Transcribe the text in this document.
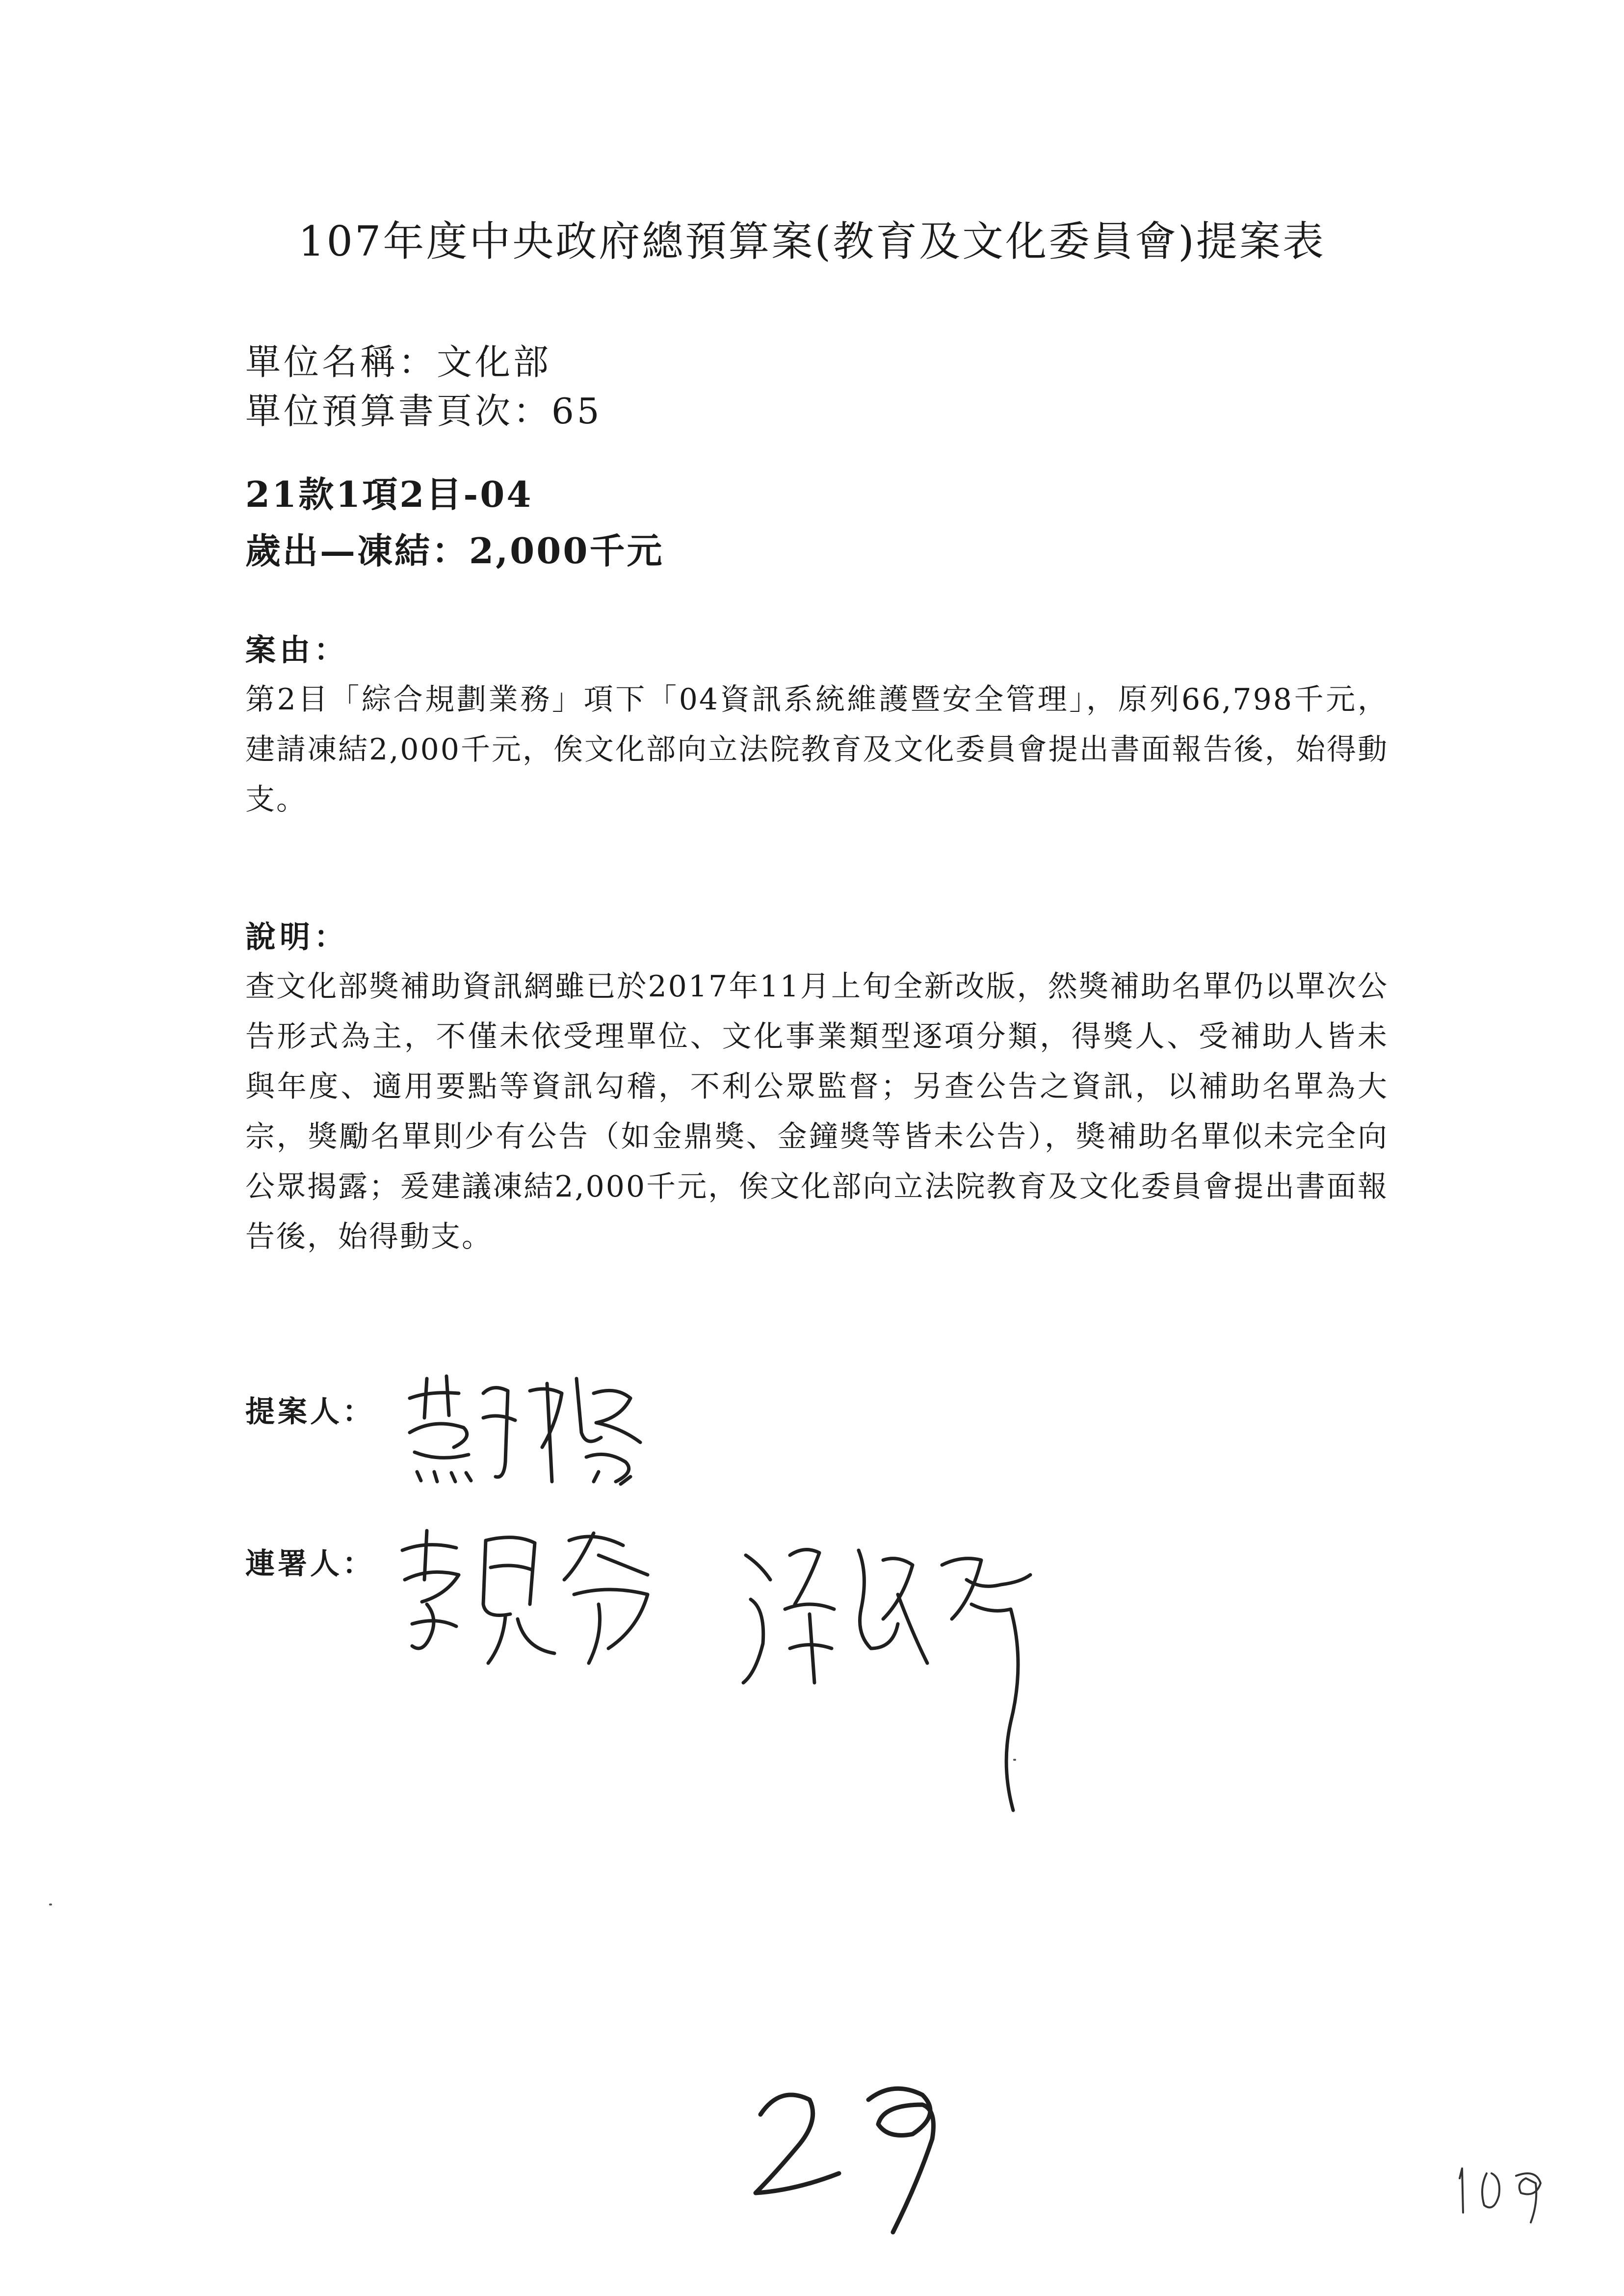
107年度中央政府總預算案(教育及文化委員會)提案表
單位名稱：文化部
單位預算書頁次：65
21款1項2目-04
歲出—凍結：2,000千元
案由：

第2目「綜合規劃業務」項下「04資訊系統維護暨安全管理」，原列66,798千元，建請凍結2,000千元，俟文化部向立法院教育及文化委員會提出書面報告後，始得動支。

說明：

查文化部獎補助資訊網雖已於2017年11月上旬全新改版，然獎補助名單仍以單次公告形式為主，不僅未依受理單位、文化事業類型逐項分類，得獎人、受補助人皆未與年度、適用要點等資訊勾稽，不利公眾監督；另查公告之資訊，以補助名單為大宗，獎勵名單則少有公告（如金鼎獎、金鐘獎等皆未公告），獎補助名單似未完全向公眾揭露；爰建議凍結2,000千元，俟文化部向立法院教育及文化委員會提出書面報告後，始得動支。

提案人：
連署人：
